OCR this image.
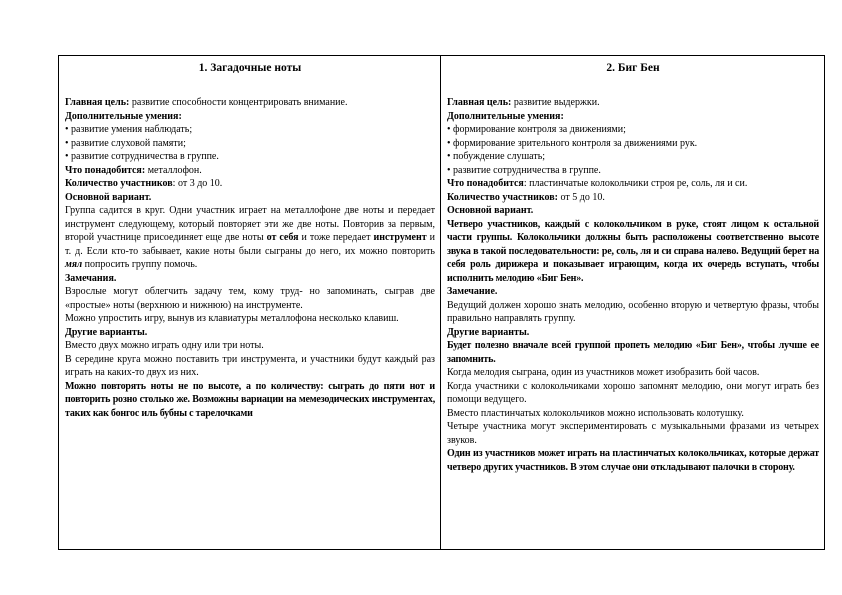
1. Загадочные ноты

Главная цель: развитие способности концентрировать внимание.

Дополнительные умения:

• развитие умения наблюдать;

• развитие слуховой памяти;

• развитие сотрудничества в группе.

Что понадобится: металлофон.

Количество участников: от 3 до 10.

Основной вариант.

Группа садится в круг. Одни участник играет на металлофоне две ноты и передает инструмент следующему, который повторяет эти же две ноты. Повторив за первым, второй участнице присоединяет еще две ноты от себя и тоже передает инструмент и т. д. Если кто-то забывает, какие ноты были сыграны до него, их можно повторить мял попросить группу помочь.

Замечания.

Взрослые могут облегчить задачу тем, кому труд- но запоминать, сыграв две «простые» ноты (верхнюю и нижнюю) на инструменте.

Можно упростить игру, вынув из клавиатуры металлофона несколько клавиш.

Другие варианты.

Вместо двух можно играть одну или три ноты.

В середине круга можно поставить три инструмента, и участники будут каждый раз играть на каких-то двух из них.

Можно повторять ноты не по высоте, а по количеству: сыграть до пяти нот и повторить розно столько же. Возможны вариации на мемезодических инструментах, таких как бонгос иль бубны с тарелочками

2. Биг Бен

Главная цель: развитие выдержки.

Дополнительные умения:

• формирование контроля за движениями;

• формирование зрительного контроля за движениями рук.

• побуждение слушать;

• развитие сотрудничества в группе.

Что понадобится: пластинчатые колокольчики строя ре, соль, ля и си.

Количество участников: от 5 до 10.

Основной вариант.

Четверо участников, каждый с колокольчиком в руке, стоят лицом к остальной части группы. Колокольчики должны быть расположены соответственно высоте звука в такой последовательности: ре, соль, ля и си справа налево. Ведущий берет на себя роль дирижера и показывает играющим, когда их очередь вступать, чтобы исполнить мелодию «Биг Бен».

Замечание.

Ведущий должен хорошо знать мелодию, особенно вторую и четвертую фразы, чтобы правильно направлять группу.

Другие варианты.

Будет полезно вначале всей группой пропеть мелодию «Биг Бен», чтобы лучше ее запомнить.

Когда мелодия сыграна, один из участников может изобразить бой часов.

Когда участники с колокольчиками хорошо запомнят мелодию, они могут играть без помощи ведущего.

Вместо пластинчатых колокольчиков можно использовать колотушку.

Четыре участника могут экспериментировать с музыкальными фразами из четырех звуков.

Один из участников может играть на пластинчатых колокольчиках, которые держат четверо других участников. В этом случае они откладывают палочки в сторону.
